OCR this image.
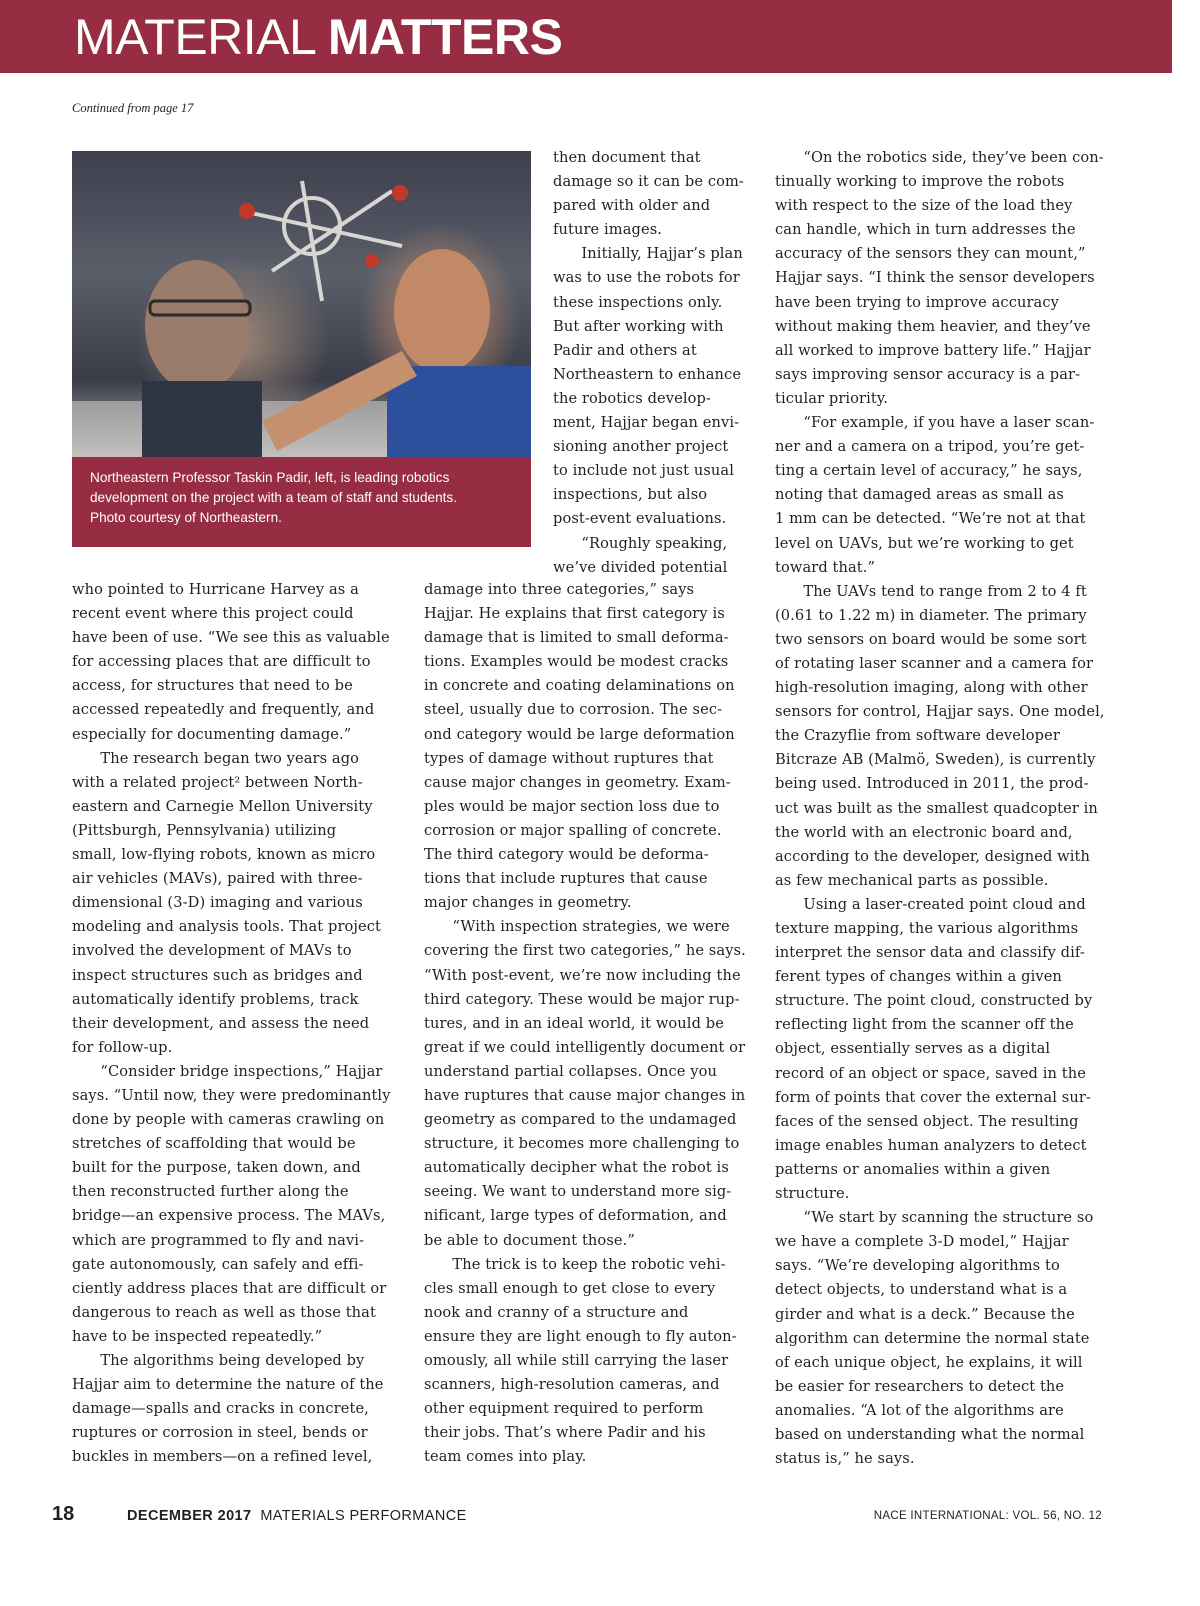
MATERIAL MATTERS
Continued from page 17
Northeastern Professor Taskin Padir, left, is leading robotics
development on the project with a team of staff and students.
Photo courtesy of Northeastern.

then document that
damage so it can be com-
pared with older and
future images.
Initially, Hajjar’s plan
was to use the robots for
these inspections only.
But after working with
Padir and others at
Northeastern to enhance
the robotics develop-
ment, Hajjar began envi-
sioning another project
to include not just usual
inspections, but also
post-event evaluations.
“Roughly speaking,
we’ve divided potential

who pointed to Hurricane Harvey as a
recent event where this project could
have been of use. “We see this as valuable
for accessing places that are difficult to
access, for structures that need to be
accessed repeatedly and frequently, and
especially for documenting damage.”
The research began two years ago
with a related project² between North-
eastern and Carnegie Mellon University
(Pittsburgh, Pennsylvania) utilizing
small, low-flying robots, known as micro
air vehicles (MAVs), paired with three-
dimensional (3-D) imaging and various
modeling and analysis tools. That project
involved the development of MAVs to
inspect structures such as bridges and
automatically identify problems, track
their development, and assess the need
for follow-up.
“Consider bridge inspections,” Hajjar
says. “Until now, they were predominantly
done by people with cameras crawling on
stretches of scaffolding that would be
built for the purpose, taken down, and
then reconstructed further along the
bridge—an expensive process. The MAVs,
which are programmed to fly and navi-
gate autonomously, can safely and effi-
ciently address places that are difficult or
dangerous to reach as well as those that
have to be inspected repeatedly.”
The algorithms being developed by
Hajjar aim to determine the nature of the
damage—spalls and cracks in concrete,
ruptures or corrosion in steel, bends or
buckles in members—on a refined level,

damage into three categories,” says
Hajjar. He explains that first category is
damage that is limited to small deforma-
tions. Examples would be modest cracks
in concrete and coating delaminations on
steel, usually due to corrosion. The sec-
ond category would be large deformation
types of damage without ruptures that
cause major changes in geometry. Exam-
ples would be major section loss due to
corrosion or major spalling of concrete.
The third category would be deforma-
tions that include ruptures that cause
major changes in geometry.
“With inspection strategies, we were
covering the first two categories,” he says.
“With post-event, we’re now including the
third category. These would be major rup-
tures, and in an ideal world, it would be
great if we could intelligently document or
understand partial collapses. Once you
have ruptures that cause major changes in
geometry as compared to the undamaged
structure, it becomes more challenging to
automatically decipher what the robot is
seeing. We want to understand more sig-
nificant, large types of deformation, and
be able to document those.”
The trick is to keep the robotic vehi-
cles small enough to get close to every
nook and cranny of a structure and
ensure they are light enough to fly auton-
omously, all while still carrying the laser
scanners, high-resolution cameras, and
other equipment required to perform
their jobs. That’s where Padir and his
team comes into play.

“On the robotics side, they’ve been con-
tinually working to improve the robots
with respect to the size of the load they
can handle, which in turn addresses the
accuracy of the sensors they can mount,”
Hajjar says. “I think the sensor developers
have been trying to improve accuracy
without making them heavier, and they’ve
all worked to improve battery life.” Hajjar
says improving sensor accuracy is a par-
ticular priority.
“For example, if you have a laser scan-
ner and a camera on a tripod, you’re get-
ting a certain level of accuracy,” he says,
noting that damaged areas as small as
1 mm can be detected. “We’re not at that
level on UAVs, but we’re working to get
toward that.”
The UAVs tend to range from 2 to 4 ft
(0.61 to 1.22 m) in diameter. The primary
two sensors on board would be some sort
of rotating laser scanner and a camera for
high-resolution imaging, along with other
sensors for control, Hajjar says. One model,
the Crazyflie from software developer
Bitcraze AB (Malmö, Sweden), is currently
being used. Introduced in 2011, the prod-
uct was built as the smallest quadcopter in
the world with an electronic board and,
according to the developer, designed with
as few mechanical parts as possible.
Using a laser-created point cloud and
texture mapping, the various algorithms
interpret the sensor data and classify dif-
ferent types of changes within a given
structure. The point cloud, constructed by
reflecting light from the scanner off the
object, essentially serves as a digital
record of an object or space, saved in the
form of points that cover the external sur-
faces of the sensed object. The resulting
image enables human analyzers to detect
patterns or anomalies within a given
structure.
“We start by scanning the structure so
we have a complete 3-D model,” Hajjar
says. “We’re developing algorithms to
detect objects, to understand what is a
girder and what is a deck.” Because the
algorithm can determine the normal state
of each unique object, he explains, it will
be easier for researchers to detect the
anomalies. “A lot of the algorithms are
based on understanding what the normal
status is,” he says.

18	DECEMBER 2017 MATERIALS PERFORMANCE	NACE INTERNATIONAL: VOL. 56, NO. 12
